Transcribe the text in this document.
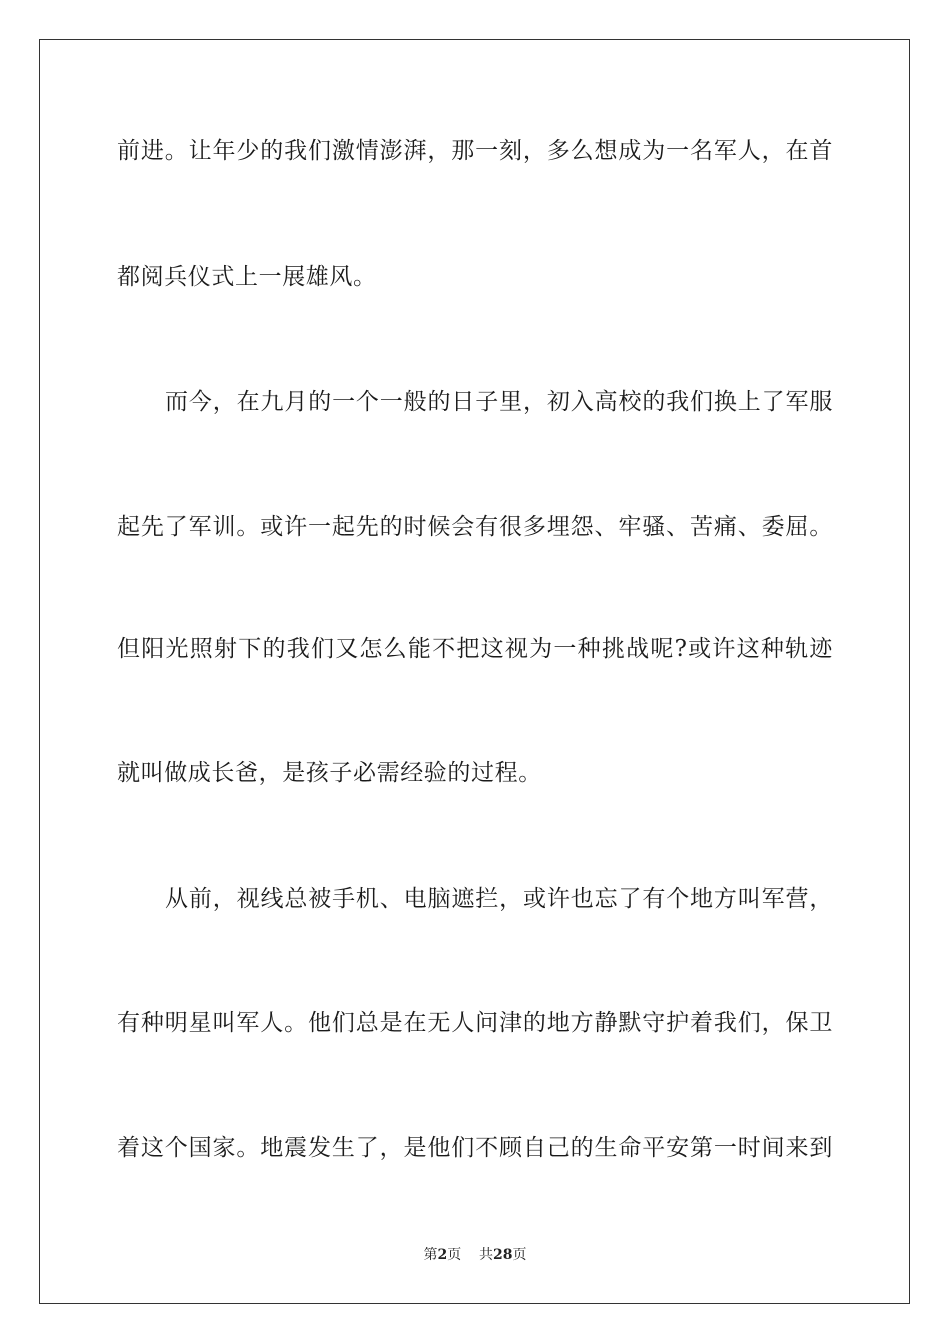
前进。让年少的我们激情澎湃，那一刻，多么想成为一名军人，在首
都阅兵仪式上一展雄风。
而今，在九月的一个一般的日子里，初入高校的我们换上了军服
起先了军训。或许一起先的时候会有很多埋怨、牢骚、苦痛、委屈。
但阳光照射下的我们又怎么能不把这视为一种挑战呢?或许这种轨迹
就叫做成长爸，是孩子必需经验的过程。
从前，视线总被手机、电脑遮拦，或许也忘了有个地方叫军营，
有种明星叫军人。他们总是在无人问津的地方静默守护着我们，保卫
着这个国家。地震发生了，是他们不顾自己的生命平安第一时间来到
第2页 共28页
